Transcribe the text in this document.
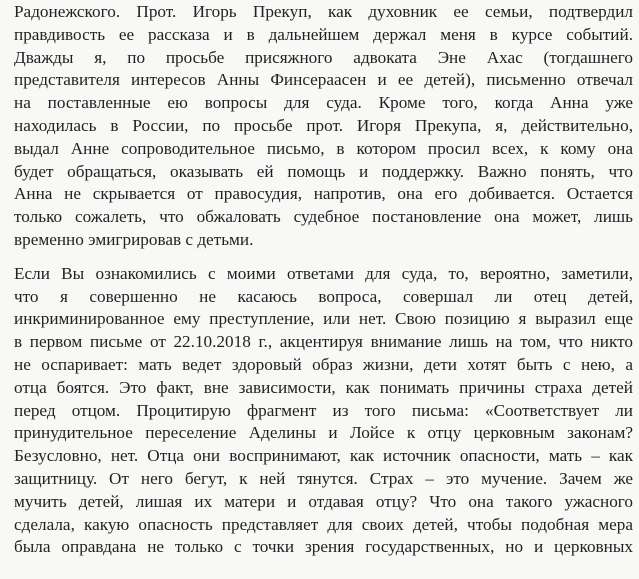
Радонежского. Прот. Игорь Прекуп, как духовник ее семьи, подтвердил
правдивость ее рассказа и в дальнейшем держал меня в курсе событий.
Дважды я, по просьбе присяжного адвоката Эне Ахас (тогдашнего
представителя интересов Анны Финсераасен и ее детей), письменно отвечал
на поставленные ею вопросы для суда. Кроме того, когда Анна уже
находилась в России, по просьбе прот. Игоря Прекупа, я, действительно,
выдал Анне сопроводительное письмо, в котором просил всех, к кому она
будет обращаться, оказывать ей помощь и поддержку. Важно понять, что
Анна не скрывается от правосудия, напротив, она его добивается. Остается
только сожалеть, что обжаловать судебное постановление она может, лишь
временно эмигрировав с детьми.
Если Вы ознакомились с моими ответами для суда, то, вероятно, заметили,
что я совершенно не касаюсь вопроса, совершал ли отец детей,
инкриминированное ему преступление, или нет. Свою позицию я выразил еще
в первом письме от 22.10.2018 г., акцентируя внимание лишь на том, что никто
не оспаривает: мать ведет здоровый образ жизни, дети хотят быть с нею, а
отца боятся. Это факт, вне зависимости, как понимать причины страха детей
перед отцом. Процитирую фрагмент из того письма: «Соответствует ли
принудительное переселение Аделины и Лойсе к отцу церковным законам?
Безусловно, нет. Отца они воспринимают, как источник опасности, мать – как
защитницу. От него бегут, к ней тянутся. Страх – это мучение. Зачем же
мучить детей, лишая их матери и отдавая отцу? Что она такого ужасного
сделала, какую опасность представляет для своих детей, чтобы подобная мера
была оправдана не только с точки зрения государственных, но и церковных
